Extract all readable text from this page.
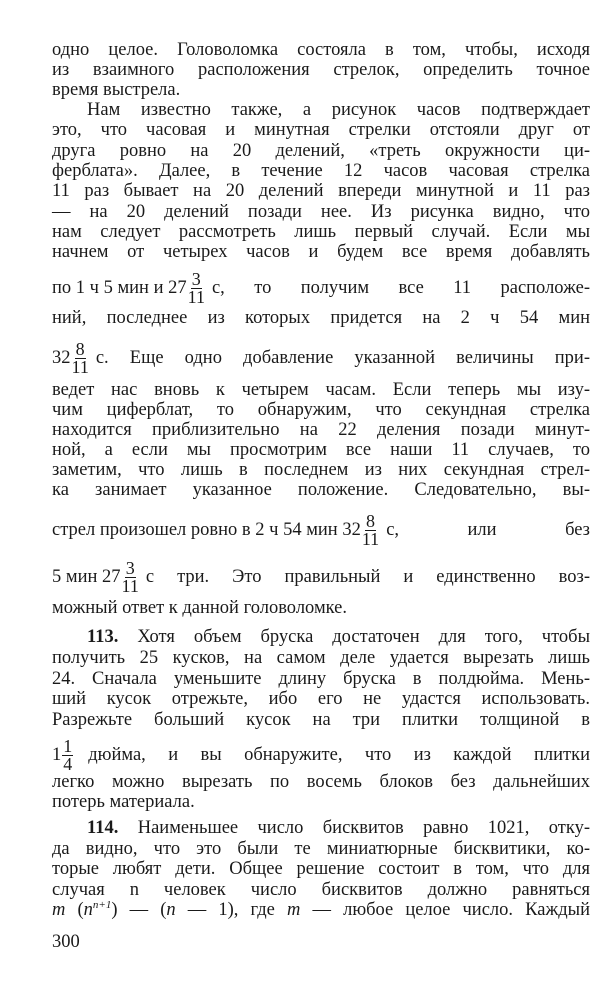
одно целое. Головоломка состояла в том, чтобы, исходя
из взаимного расположения стрелок, определить точное
время выстрела.
Нам известно также, а рисунок часов подтверждает
это, что часовая и минутная стрелки отстояли друг от
друга ровно на 20 делений, «треть окружности ци-
ферблата». Далее, в течение 12 часов часовая стрелка
11 раз бывает на 20 делений впереди минутной и 11 раз
— на 20 делений позади нее. Из рисунка видно, что
нам следует рассмотреть лишь первый случай. Если мы
начнем от четырех часов и будем все время добавлять
по 1 ч 5 мин и $27 \frac{3}{11} с$, то получим все 11 расположе-
ний, последнее из которых придется на 2 ч 54 мин
$32 \frac{8}{11} с$. Еще одно добавление указанной величины при-
ведет нас вновь к четырем часам. Если теперь мы изу-
чим циферблат, то обнаружим, что секундная стрелка
находится приблизительно на 22 деления позади минут-
ной, а если мы просмотрим все наши 11 случаев, то
заметим, что лишь в последнем из них секундная стрел-
ка занимает указанное положение. Следовательно, вы-
стрел произошел ровно в 2 ч 54 мин $32 \frac{8}{11} с$, или без
5 мин $27 \frac{3}{11}$ с три. Это правильный и единственно воз-
можный ответ к данной головоломке.
113. Хотя объем бруска достаточен для того, чтобы
получить 25 кусков, на самом деле удается вырезать лишь
24. Сначала уменьшите длину бруска в полдюйма. Мень-
ший кусок отрежьте, ибо его не удастся использовать.
Разрежьте больший кусок на три плитки толщиной в
$1 \frac{1}{4}$ дюйма, и вы обнаружите, что из каждой плитки
легко можно вырезать по восемь блоков без дальнейших
потерь материала.
114. Наименьшее число бисквитов равно 1021, отку-
да видно, что это были те миниатюрные бисквитики, ко-
торые любят дети. Общее решение состоит в том, что для
случая n человек число бисквитов должно равняться
m $(n^{n+1})$ — (n — 1), где m — любое целое число. Каждый
300
